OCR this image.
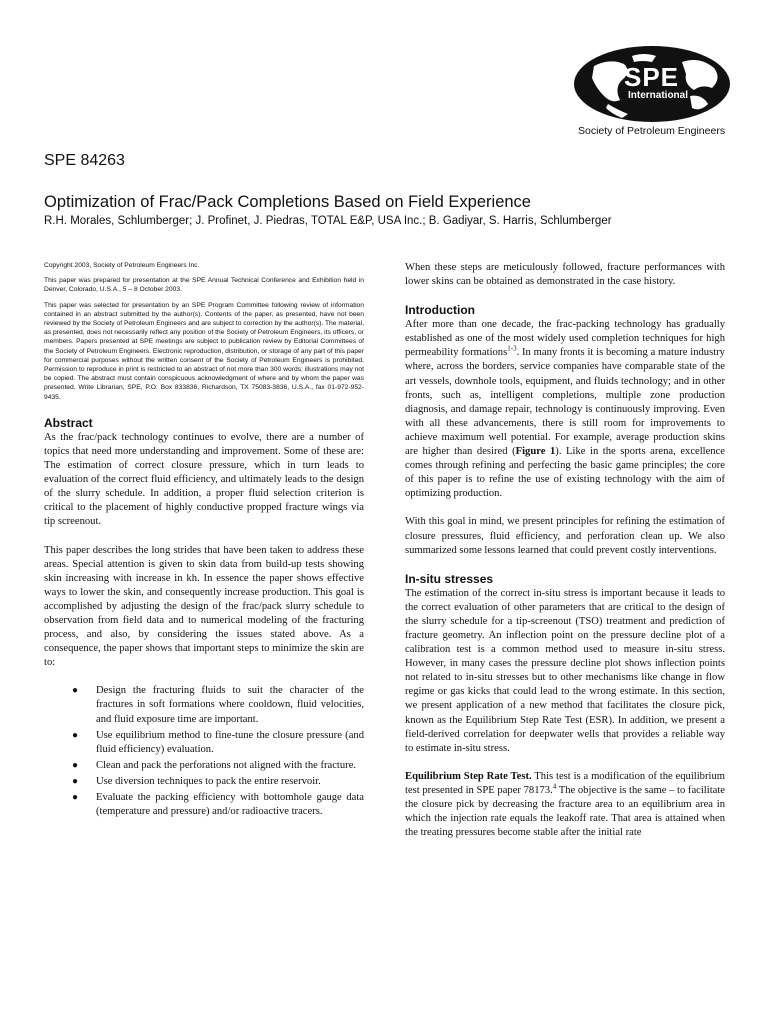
SPE
International
Society of Petroleum Engineers
SPE 84263
Optimization of Frac/Pack Completions Based on Field Experience
R.H. Morales, Schlumberger; J. Profinet, J. Piedras, TOTAL E&P, USA Inc.; B. Gadiyar, S. Harris, Schlumberger

Copyright 2003, Society of Petroleum Engineers Inc.

This paper was prepared for presentation at the SPE Annual Technical Conference and Exhibition held in Denver, Colorado, U.S.A., 5 – 8 October 2003.

This paper was selected for presentation by an SPE Program Committee following review of information contained in an abstract submitted by the author(s). Contents of the paper, as presented, have not been reviewed by the Society of Petroleum Engineers and are subject to correction by the author(s). The material, as presented, does not necessarily reflect any position of the Society of Petroleum Engineers, its officers, or members. Papers presented at SPE meetings are subject to publication review by Editorial Committees of the Society of Petroleum Engineers. Electronic reproduction, distribution, or storage of any part of this paper for commercial purposes without the written consent of the Society of Petroleum Engineers is prohibited. Permission to reproduce in print is restricted to an abstract of not more than 300 words; illustrations may not be copied. The abstract must contain conspicuous acknowledgment of where and by whom the paper was presented. Write Librarian, SPE, P.O. Box 833836, Richardson, TX 75083-3836, U.S.A., fax 01-972-952-9435.

Abstract

As the frac/pack technology continues to evolve, there are a number of topics that need more understanding and improvement. Some of these are: The estimation of correct closure pressure, which in turn leads to evaluation of the correct fluid efficiency, and ultimately leads to the design of the slurry schedule. In addition, a proper fluid selection criterion is critical to the placement of highly conductive propped fracture wings via tip screenout.

This paper describes the long strides that have been taken to address these areas. Special attention is given to skin data from build-up tests showing skin increasing with increase in kh. In essence the paper shows effective ways to lower the skin, and consequently increase production. This goal is accomplished by adjusting the design of the frac/pack slurry schedule to observation from field data and to numerical modeling of the fracturing process, and also, by considering the issues stated above. As a consequence, the paper shows that important steps to minimize the skin are to:

● Design the fracturing fluids to suit the character of the fractures in soft formations where cooldown, fluid velocities, and fluid exposure time are important.
● Use equilibrium method to fine-tune the closure pressure (and fluid efficiency) evaluation.
● Clean and pack the perforations not aligned with the fracture.
● Use diversion techniques to pack the entire reservoir.
● Evaluate the packing efficiency with bottomhole gauge data (temperature and pressure) and/or radioactive tracers.

When these steps are meticulously followed, fracture performances with lower skins can be obtained as demonstrated in the case history.

Introduction

After more than one decade, the frac-packing technology has gradually established as one of the most widely used completion techniques for high permeability formations$^{1-3}$. In many fronts it is becoming a mature industry where, across the borders, service companies have comparable state of the art vessels, downhole tools, equipment, and fluids technology; and in other fronts, such as, intelligent completions, multiple zone production diagnosis, and damage repair, technology is continuously improving. Even with all these advancements, there is still room for improvements to achieve maximum well potential. For example, average production skins are higher than desired (Figure 1). Like in the sports arena, excellence comes through refining and perfecting the basic game principles; the core of this paper is to refine the use of existing technology with the aim of optimizing production.

With this goal in mind, we present principles for refining the estimation of closure pressures, fluid efficiency, and perforation clean up. We also summarized some lessons learned that could prevent costly interventions.

In-situ stresses

The estimation of the correct in-situ stress is important because it leads to the correct evaluation of other parameters that are critical to the design of the slurry schedule for a tip-screenout (TSO) treatment and prediction of fracture geometry. An inflection point on the pressure decline plot of a calibration test is a common method used to measure in-situ stress. However, in many cases the pressure decline plot shows inflection points not related to in-situ stresses but to other mechanisms like change in flow regime or gas kicks that could lead to the wrong estimate. In this section, we present application of a new method that facilitates the closure pick, known as the Equilibrium Step Rate Test (ESR). In addition, we present a field-derived correlation for deepwater wells that provides a reliable way to estimate in-situ stress.

Equilibrium Step Rate Test. This test is a modification of the equilibrium test presented in SPE paper 78173.$^4$ The objective is the same – to facilitate the closure pick by decreasing the fracture area to an equilibrium area in which the injection rate equals the leakoff rate. That area is attained when the treating pressures become stable after the initial rate
